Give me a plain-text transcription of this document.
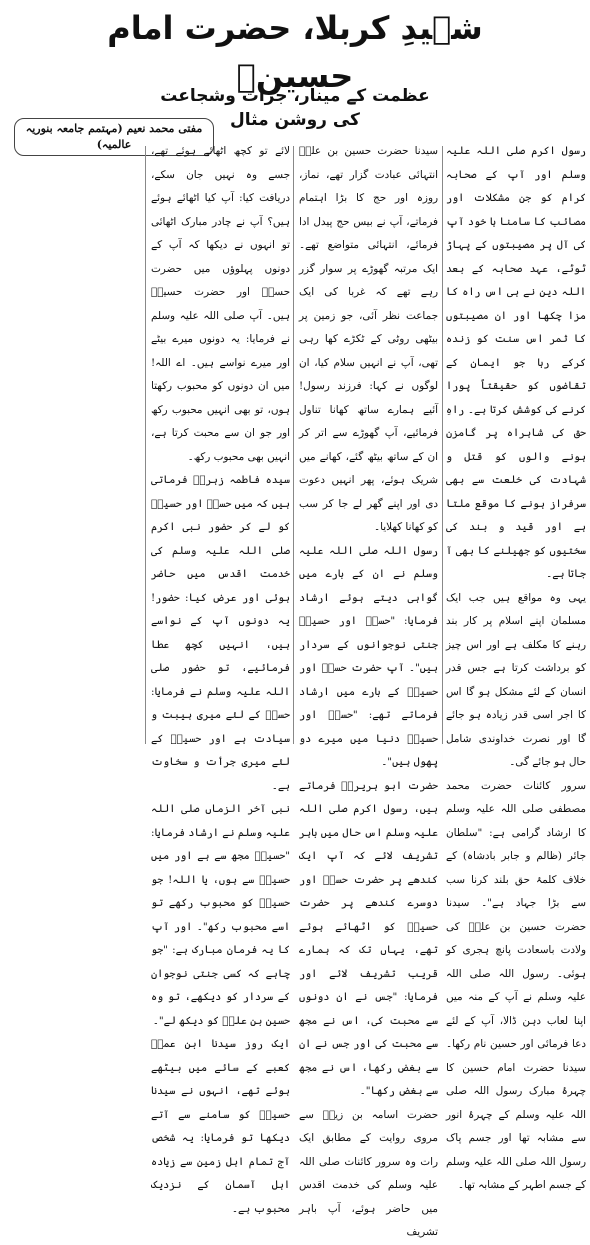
شہیدِ کربلا، حضرت امام حسینؓ
عظمت کے مینار، جرأت وشجاعت کی روشن مثال
مفتی محمد نعیم (مہتمم جامعہ بنوریہ عالمیہ)	رسول اکرم صلی اللہ علیہ وسلم اور آپ کے صحابہ کرام کو جن مشکلات اور مصائب کا سامنا ہا خود آپ کی آل پر مصیبتوں کے پہاڑ ٹوٹے، عہد صحابہ کے بعد اللہ دین نے ہی اس راہ کا مزا چکھا اور ان مصیبتوں کا ثمر اس سنت کو زندہ کرکے رہا جو ایمان کے تقاضوں کو حقیقتاً پورا کرنے کی کوشش کرتا ہے۔ راہِ حق کی شاہراہ پر گامزن ہونے والوں کو قتل و شہادت کی خلعت سے بھی سرفراز ہونے کا موقع ملتا ہے اور قید و بند کی سختیوں کو جھیلنے کا بھی آ جاتا ہے۔

یہی وہ مواقع ہیں جب ایک مسلمان اپنے اسلام پر کار بند رہنے کا مکلف ہے اور اس چیز کو برداشت کرتا ہے جس قدر انسان کے لئے مشکل ہو گا اس کا اجر اسی قدر زیادہ ہو جائے گا اور نصرت خداوندی شامل حال ہو جائے گی۔

سرور کائنات حضرت محمد مصطفی صلی اللہ علیہ وسلم کا ارشاد گرامی ہے: "سلطان جائر (ظالم و جابر بادشاہ) کے خلاف کلمۂ حق بلند کرنا سب سے بڑا جہاد ہے"۔ سیدنا حضرت حسین بن علیؓ کی ولادت باسعادت پانچ ہجری کو ہوئی۔ رسول اللہ صلی اللہ علیہ وسلم نے آپ کے منہ میں اپنا لعاب دہن ڈالا، آپ کے لئے دعا فرمائی اور حسین نام رکھا۔ سیدنا حضرت امام حسین کا چہرۂ مبارک رسول اللہ صلی اللہ علیہ وسلم کے چہرۂ انور سے مشابہ تھا اور جسم پاک رسول اللہ صلی اللہ علیہ وسلم کے جسم اطہر کے مشابہ تھا۔

سیدنا حضرت حسین بن علیؓ انتہائی عبادت گزار تھے، نماز، روزہ اور حج کا بڑا اہتمام فرماتے، آپ نے بیس حج پیدل ادا فرمائے، انتہائی متواضع تھے۔ ایک مرتبہ گھوڑے پر سوار گزر رہے تھے کہ غربا کی ایک جماعت نظر آئی، جو زمین پر بیٹھی روٹی کے ٹکڑے کھا رہی تھی، آپ نے انہیں سلام کیا، ان لوگوں نے کہا: فرزند رسول! آئیے ہمارے ساتھ کھانا تناول فرمائیے، آپ گھوڑے سے اتر کر ان کے ساتھ بیٹھ گئے، کھانے میں شریک ہوئے، پھر انہیں دعوت دی اور اپنے گھر لے جا کر سب کو کھانا کھلایا۔

رسول اللہ صلی اللہ علیہ وسلم نے ان کے بارے میں گواہی دیتے ہوئے ارشاد فرمایا: "حسنؓ اور حسینؓ جنتی نوجوانوں کے سردار ہیں"۔ آپ حضرت حسنؓ اور حسینؓ کے بارے میں ارشاد فرماتے تھے: "حسنؓ اور حسینؓ دنیا میں میرے دو پھول ہیں"۔

حضرت ابو ہریرہؓ فرماتے ہیں، رسول اکرم صلی اللہ علیہ وسلم اس حال میں باہر تشریف لائے کہ آپ ایک کندھے پر حضرت حسنؓ اور دوسرے کندھے پر حضرت حسینؓ کو اٹھائے ہوئے تھے، یہاں تک کہ ہمارے قریب تشریف لائے اور فرمایا: "جس نے ان دونوں سے محبت کی، اس نے مجھ سے محبت کی اور جس نے ان سے بغض رکھا، اس نے مجھ سے بغض رکھا"۔

حضرت اسامہ بن زیدؓ سے مروی روایت کے مطابق ایک رات وہ سرور کائنات صلی اللہ علیہ وسلم کی خدمت اقدس میں حاضر ہوئے، آپ باہر تشریف

لائے تو کچھ اٹھائے ہوئے تھے، جسے وہ نہیں جان سکے، دریافت کیا: آپ کیا اٹھائے ہوئے ہیں؟ آپ نے چادر مبارک اٹھائی تو انہوں نے دیکھا کہ آپ کے دونوں پہلوؤں میں حضرت حسنؓ اور حضرت حسینؓ ہیں۔ آپ صلی اللہ علیہ وسلم نے فرمایا: یہ دونوں میرے بیٹے اور میرے نواسے ہیں۔ اے اللہ! میں ان دونوں کو محبوب رکھتا ہوں، تو بھی انہیں محبوب رکھ اور جو ان سے محبت کرتا ہے، انہیں بھی محبوب رکھ۔

سیدہ فاطمہ زہراؓ فرماتی ہیں کہ میں حسنؓ اور حسینؓ کو لے کر حضور نبی اکرم صلی اللہ علیہ وسلم کی خدمت اقدس میں حاضر ہوئی اور عرض کیا: حضور! یہ دونوں آپ کے نواسے ہیں، انہیں کچھ عطا فرمائیے، تو حضور صلی اللہ علیہ وسلم نے فرمایا: حسنؓ کے لئے میری ہیبت و سیادت ہے اور حسینؓ کے لئے میری جرأت و سخاوت ہے۔

نبی آخر الزماں صلی اللہ علیہ وسلم نے ارشاد فرمایا: "حسینؓ مجھ سے ہے اور میں حسینؓ سے ہوں، یا اللہ! جو حسینؓ کو محبوب رکھے تو اسے محبوب رکھ"۔ اور آپ کا یہ فرمان مبارک ہے: "جو چاہے کہ کسی جنتی نوجوان کے سردار کو دیکھے، تو وہ حسین بن علیؓ کو دیکھ لے"۔

ایک روز سیدنا ابن عمرؓ کعبے کے سائے میں بیٹھے ہوئے تھے، انہوں نے سیدنا حسینؓ کو سامنے سے آتے دیکھا تو فرمایا: یہ شخص آج تمام اہل زمین سے زیادہ اہل آسمان کے نزدیک محبوب ہے۔
